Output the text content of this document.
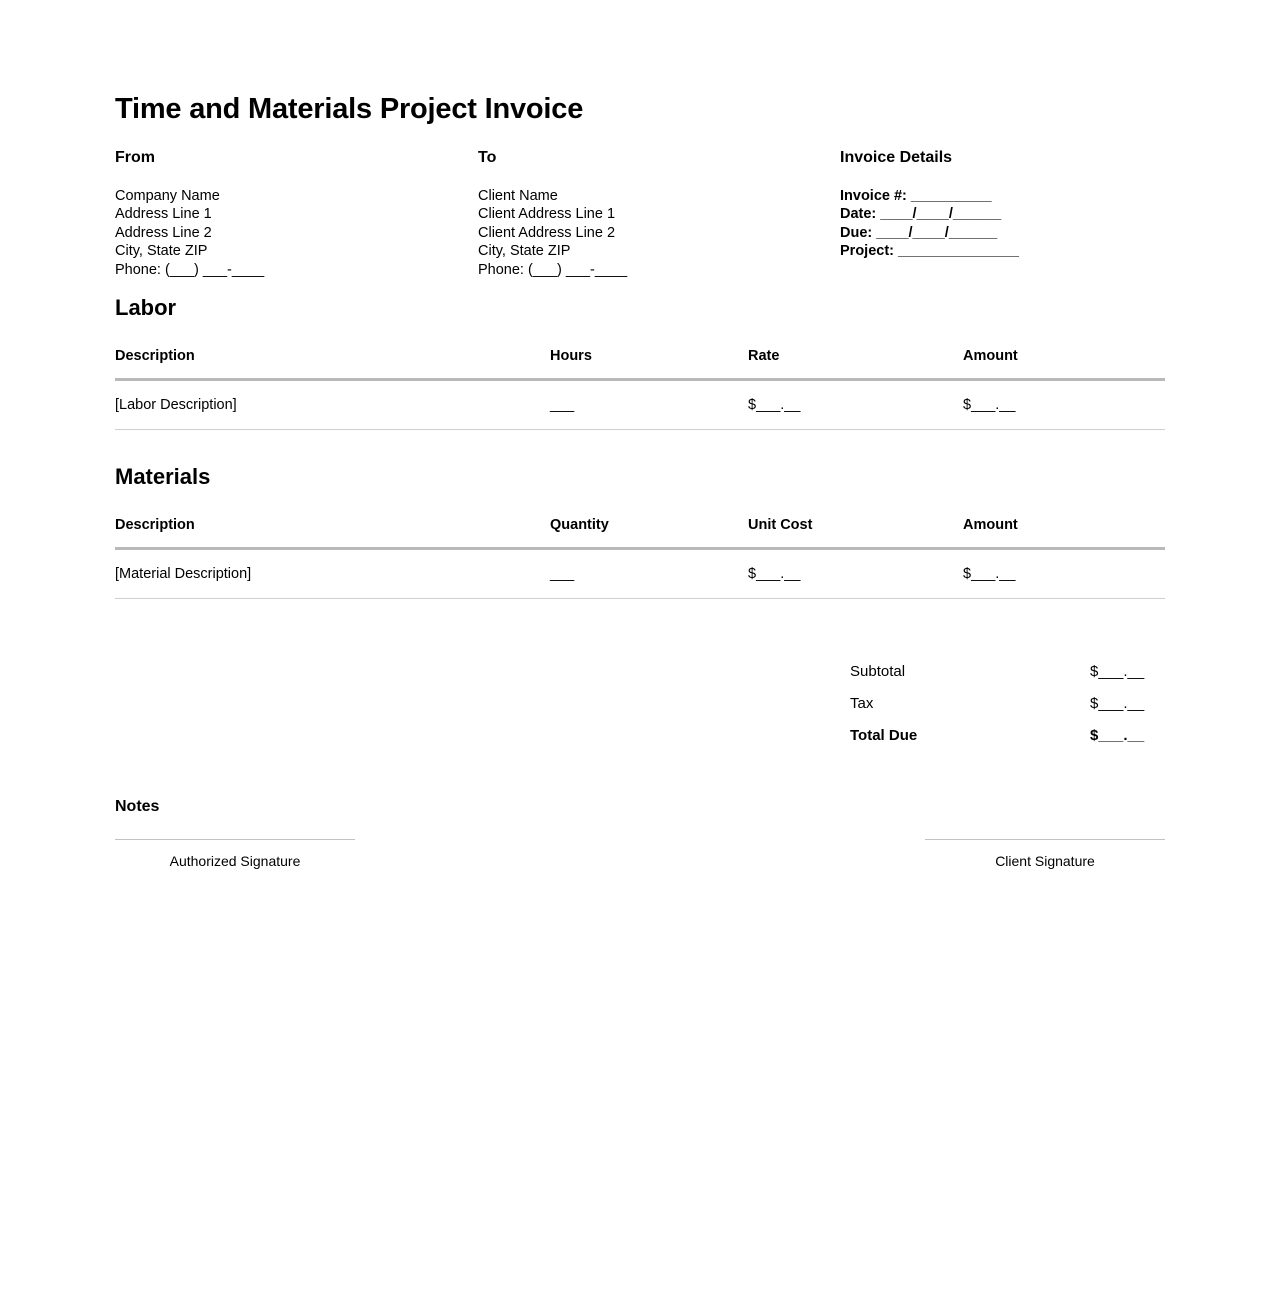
Time and Materials Project Invoice
From
Company Name
Address Line 1
Address Line 2
City, State ZIP
Phone: (___) ___-____
To
Client Name
Client Address Line 1
Client Address Line 2
City, State ZIP
Phone: (___) ___-____
Invoice Details
Invoice #: __________
Date: ____/____/______
Due: ____/____/______
Project: _______________
Labor
Description	Hours	Rate	Amount
[Labor Description]	___	$___.__	$___.__
Materials
Description	Quantity	Unit Cost	Amount
[Material Description]	___	$___.__	$___.__
Subtotal	$___.__
Tax	$___.__
Total Due	$___.__
Notes
Authorized Signature	Client Signature
